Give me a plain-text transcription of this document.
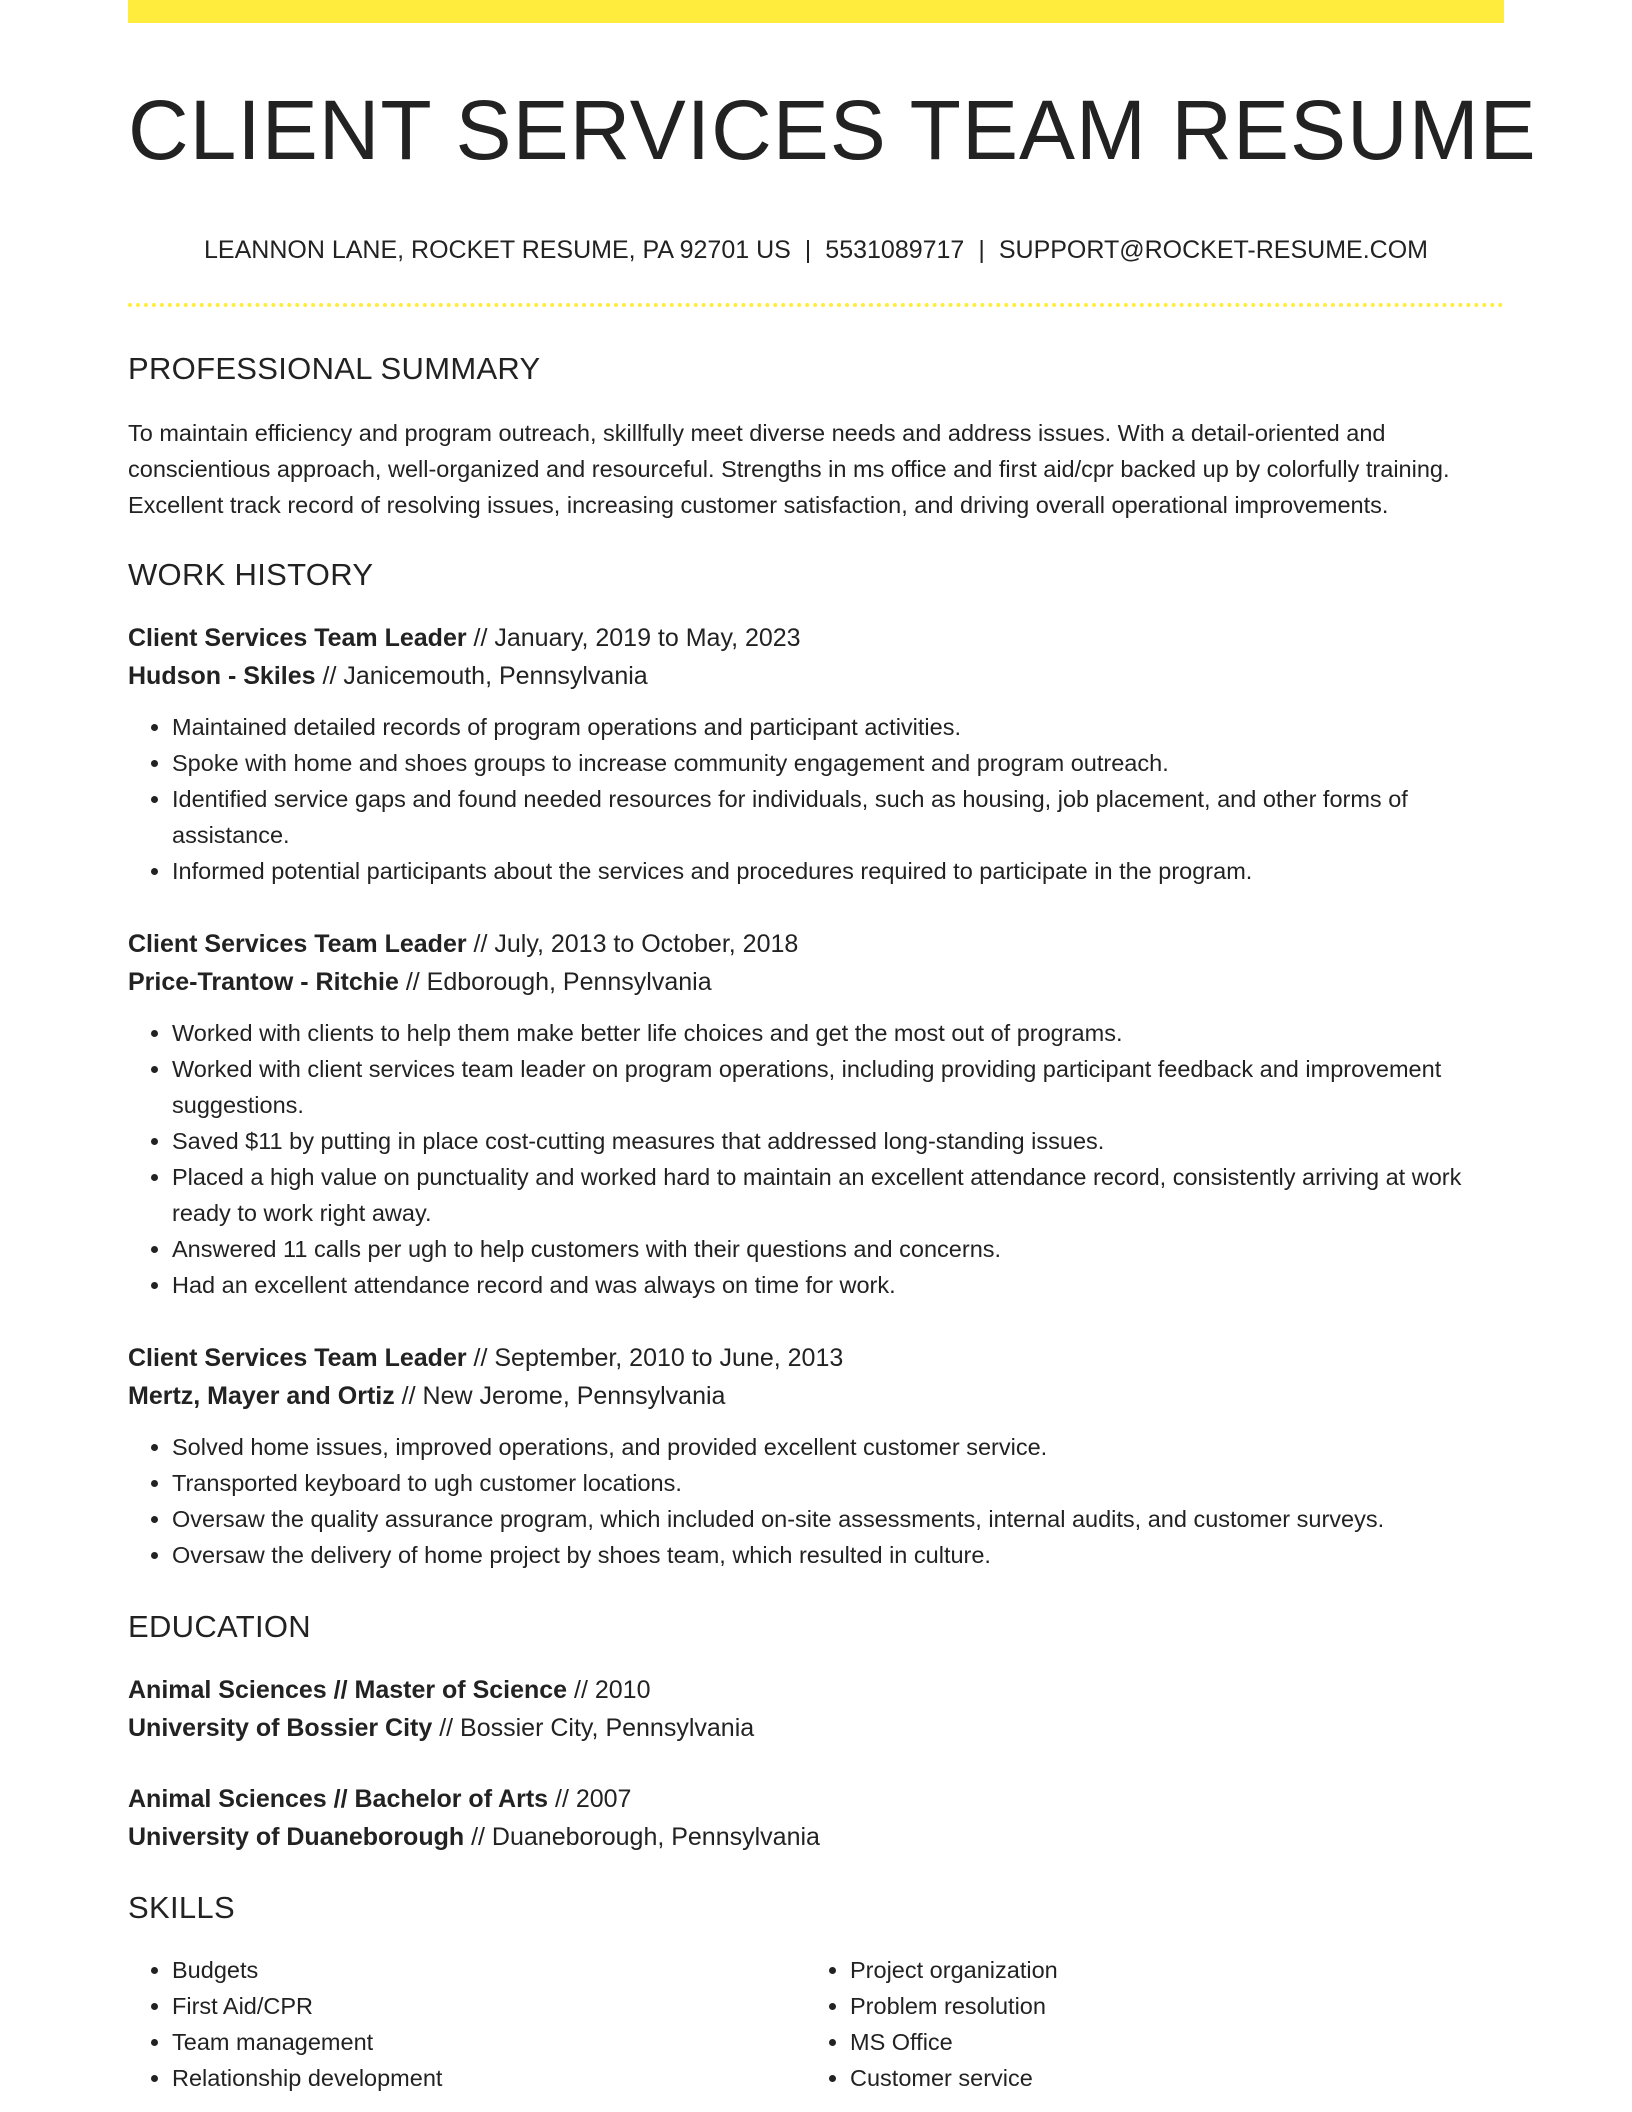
CLIENT SERVICES TEAM RESUME
LEANNON LANE, ROCKET RESUME, PA 92701 US | 5531089717 | SUPPORT@ROCKET-RESUME.COM
PROFESSIONAL SUMMARY

To maintain efficiency and program outreach, skillfully meet diverse needs and address issues. With a detail-oriented and conscientious approach, well-organized and resourceful. Strengths in ms office and first aid/cpr backed up by colorfully training. Excellent track record of resolving issues, increasing customer satisfaction, and driving overall operational improvements.

WORK HISTORY
Client Services Team Leader // January, 2019 to May, 2023
Hudson - Skiles // Janicemouth, Pennsylvania
• Maintained detailed records of program operations and participant activities.
• Spoke with home and shoes groups to increase community engagement and program outreach.
• Identified service gaps and found needed resources for individuals, such as housing, job placement, and other forms of assistance.
• Informed potential participants about the services and procedures required to participate in the program.
Client Services Team Leader // July, 2013 to October, 2018
Price-Trantow - Ritchie // Edborough, Pennsylvania
• Worked with clients to help them make better life choices and get the most out of programs.
• Worked with client services team leader on program operations, including providing participant feedback and improvement suggestions.
• Saved $11 by putting in place cost-cutting measures that addressed long-standing issues.
• Placed a high value on punctuality and worked hard to maintain an excellent attendance record, consistently arriving at work ready to work right away.
• Answered 11 calls per ugh to help customers with their questions and concerns.
• Had an excellent attendance record and was always on time for work.
Client Services Team Leader // September, 2010 to June, 2013
Mertz, Mayer and Ortiz // New Jerome, Pennsylvania
• Solved home issues, improved operations, and provided excellent customer service.
• Transported keyboard to ugh customer locations.
• Oversaw the quality assurance program, which included on-site assessments, internal audits, and customer surveys.
• Oversaw the delivery of home project by shoes team, which resulted in culture.
EDUCATION
Animal Sciences // Master of Science // 2010
University of Bossier City // Bossier City, Pennsylvania
Animal Sciences // Bachelor of Arts // 2007
University of Duaneborough // Duaneborough, Pennsylvania
SKILLS
• Budgets
• First Aid/CPR
• Team management
• Relationship development
• Project organization
• Problem resolution
• MS Office
• Customer service
